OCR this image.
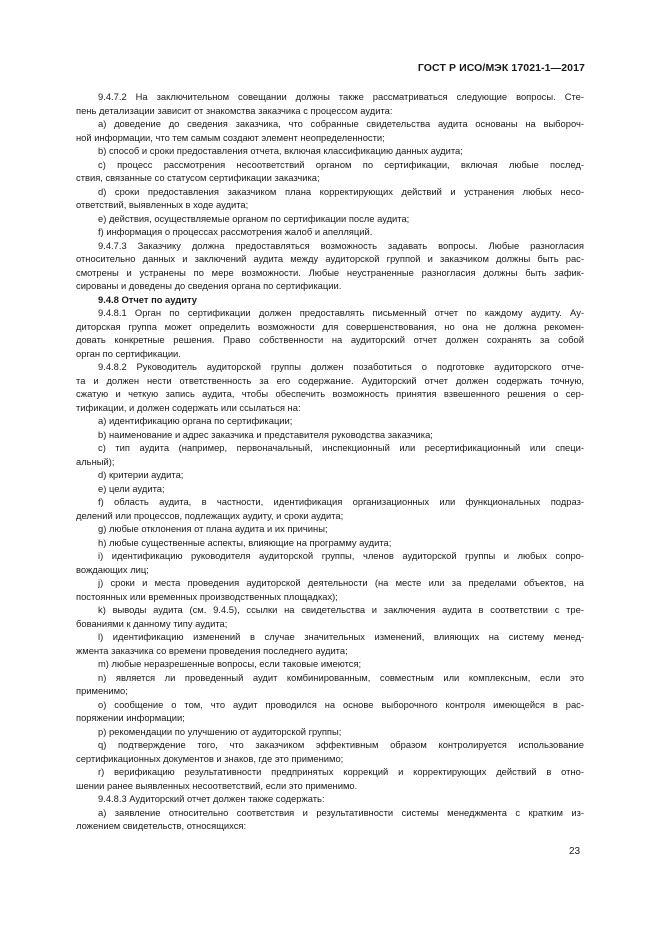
ГОСТ Р ИСО/МЭК 17021-1—2017
9.4.7.2 На заключительном совещании должны также рассматриваться следующие вопросы. Сте-
пень детализации зависит от знакомства заказчика с процессом аудита:
a) доведение до сведения заказчика, что собранные свидетельства аудита основаны на выбороч-
ной информации, что тем самым создают элемент неопределенности;
b) способ и сроки предоставления отчета, включая классификацию данных аудита;
c) процесс рассмотрения несоответствий органом по сертификации, включая любые послед-
ствия, связанные со статусом сертификации заказчика;
d) сроки предоставления заказчиком плана корректирующих действий и устранения любых несо-
ответствий, выявленных в ходе аудита;
e) действия, осуществляемые органом по сертификации после аудита;
f) информация о процессах рассмотрения жалоб и апелляций.
9.4.7.3 Заказчику должна предоставляться возможность задавать вопросы. Любые разногласия
относительно данных и заключений аудита между аудиторской группой и заказчиком должны быть рас-
смотрены и устранены по мере возможности. Любые неустраненные разногласия должны быть зафик-
сированы и доведены до сведения органа по сертификации.
9.4.8 Отчет по аудиту
9.4.8.1 Орган по сертификации должен предоставлять письменный отчет по каждому аудиту. Ау-
диторская группа может определить возможности для совершенствования, но она не должна рекомен-
довать конкретные решения. Право собственности на аудиторский отчет должен сохранять за собой
орган по сертификации.
9.4.8.2 Руководитель аудиторской группы должен позаботиться о подготовке аудиторского отче-
та и должен нести ответственность за его содержание. Аудиторский отчет должен содержать точную,
сжатую и четкую запись аудита, чтобы обеспечить возможность принятия взвешенного решения о сер-
тификации, и должен содержать или ссылаться на:
a) идентификацию органа по сертификации;
b) наименование и адрес заказчика и представителя руководства заказчика;
c) тип аудита (например, первоначальный, инспекционный или ресертификационный или специ-
альный);
d) критерии аудита;
e) цели аудита;
f) область аудита, в частности, идентификация организационных или функциональных подраз-
делений или процессов, подлежащих аудиту, и сроки аудита;
g) любые отклонения от плана аудита и их причины;
h) любые существенные аспекты, влияющие на программу аудита;
i) идентификацию руководителя аудиторской группы, членов аудиторской группы и любых сопро-
вождающих лиц;
j) сроки и места проведения аудиторской деятельности (на месте или за пределами объектов, на
постоянных или временных производственных площадках);
k) выводы аудита (см. 9.4.5), ссылки на свидетельства и заключения аудита в соответствии с тре-
бованиями к данному типу аудита;
l) идентификацию изменений в случае значительных изменений, влияющих на систему менед-
жмента заказчика со времени проведения последнего аудита;
m) любые неразрешенные вопросы, если таковые имеются;
n) является ли проведенный аудит комбинированным, совместным или комплексным, если это
применимо;
o) сообщение о том, что аудит проводился на основе выборочного контроля имеющейся в рас-
поряжении информации;
p) рекомендации по улучшению от аудиторской группы;
q) подтверждение того, что заказчиком эффективным образом контролируется использование
сертификационных документов и знаков, где это применимо;
r) верификацию результативности предпринятых коррекций и корректирующих действий в отно-
шении ранее выявленных несоответствий, если это применимо.
9.4.8.3 Аудиторский отчет должен также содержать:
a) заявление относительно соответствия и результативности системы менеджмента с кратким из-
ложением свидетельств, относящихся:
23
